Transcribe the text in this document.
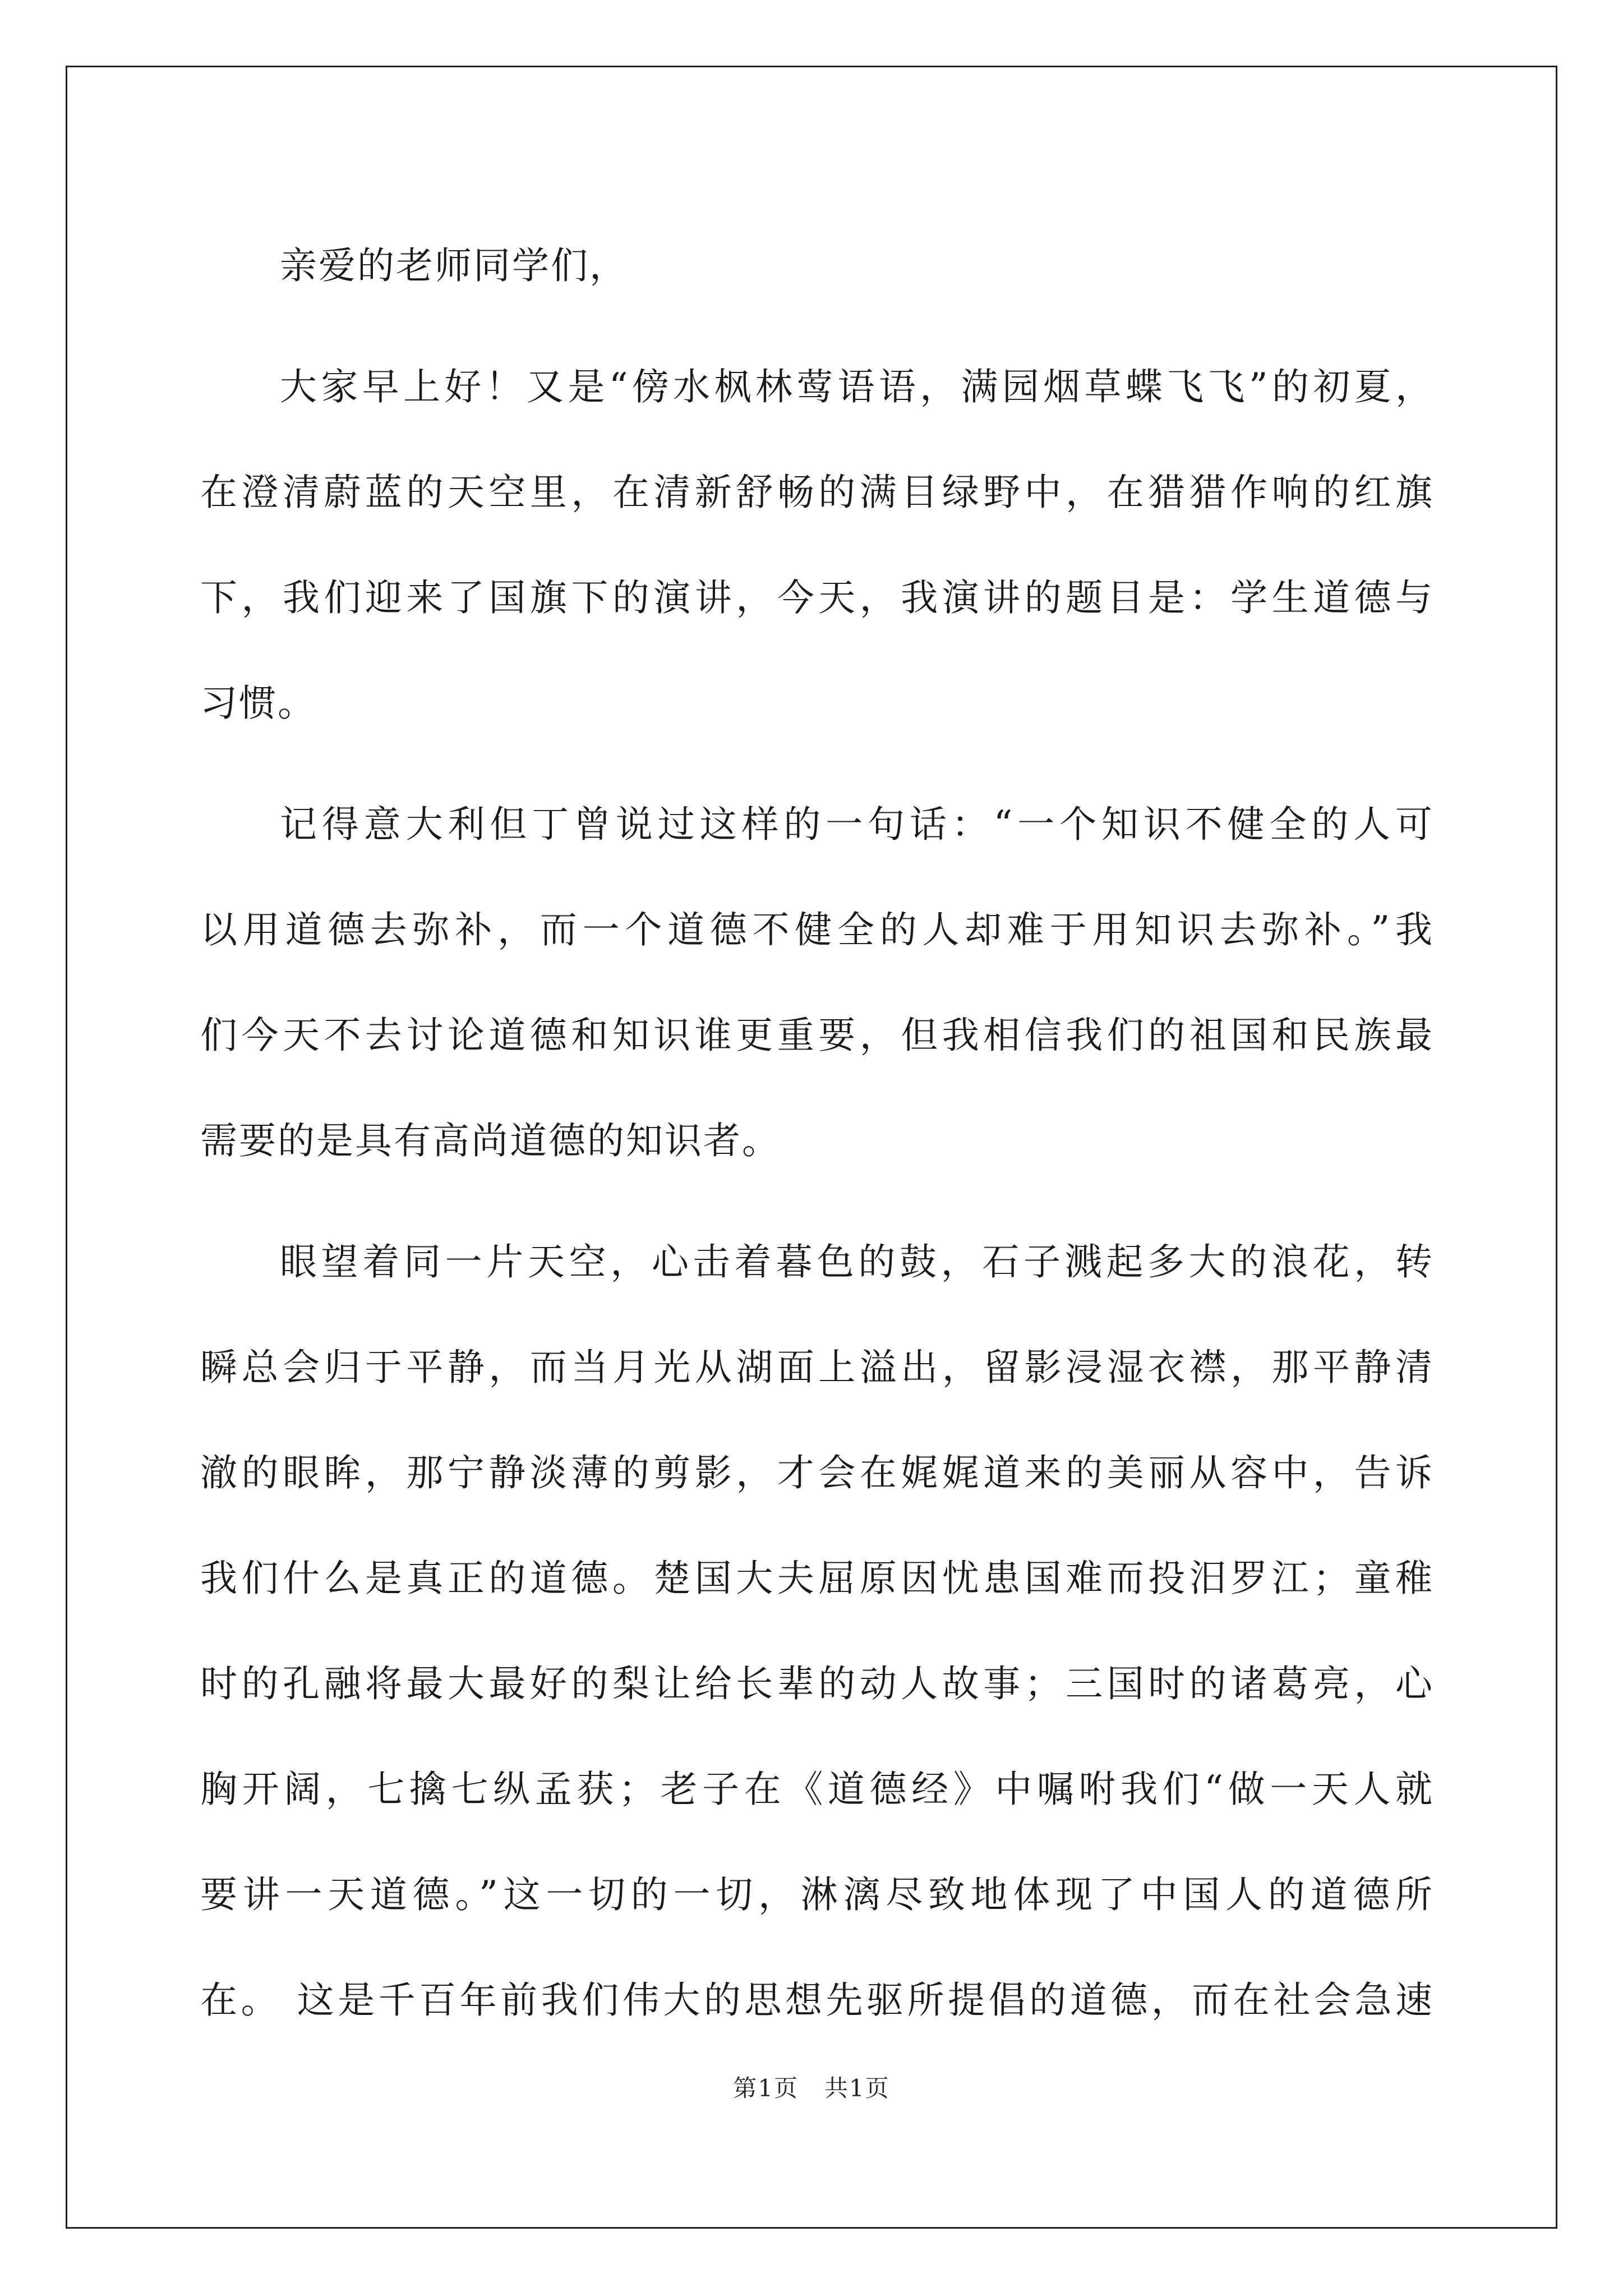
亲爱的老师同学们，

大家早上好！又是“傍水枫林莺语语，满园烟草蝶飞飞”的初夏，
在澄清蔚蓝的天空里，在清新舒畅的满目绿野中，在猎猎作响的红旗
下，我们迎来了国旗下的演讲，今天，我演讲的题目是：学生道德与
习惯。

记得意大利但丁曾说过这样的一句话：“一个知识不健全的人可
以用道德去弥补，而一个道德不健全的人却难于用知识去弥补。”我
们今天不去讨论道德和知识谁更重要，但我相信我们的祖国和民族最
需要的是具有高尚道德的知识者。

眼望着同一片天空，心击着暮色的鼓，石子溅起多大的浪花，转
瞬总会归于平静，而当月光从湖面上溢出，留影浸湿衣襟，那平静清
澈的眼眸，那宁静淡薄的剪影，才会在娓娓道来的美丽从容中，告诉
我们什么是真正的道德。楚国大夫屈原因忧患国难而投汨罗江；童稚
时的孔融将最大最好的梨让给长辈的动人故事；三国时的诸葛亮，心
胸开阔，七擒七纵孟获；老子在《道德经》中嘱咐我们“做一天人就
要讲一天道德。”这一切的一切，淋漓尽致地体现了中国人的道德所
在。 这是千百年前我们伟大的思想先驱所提倡的道德，而在社会急速

第1页 共1页
